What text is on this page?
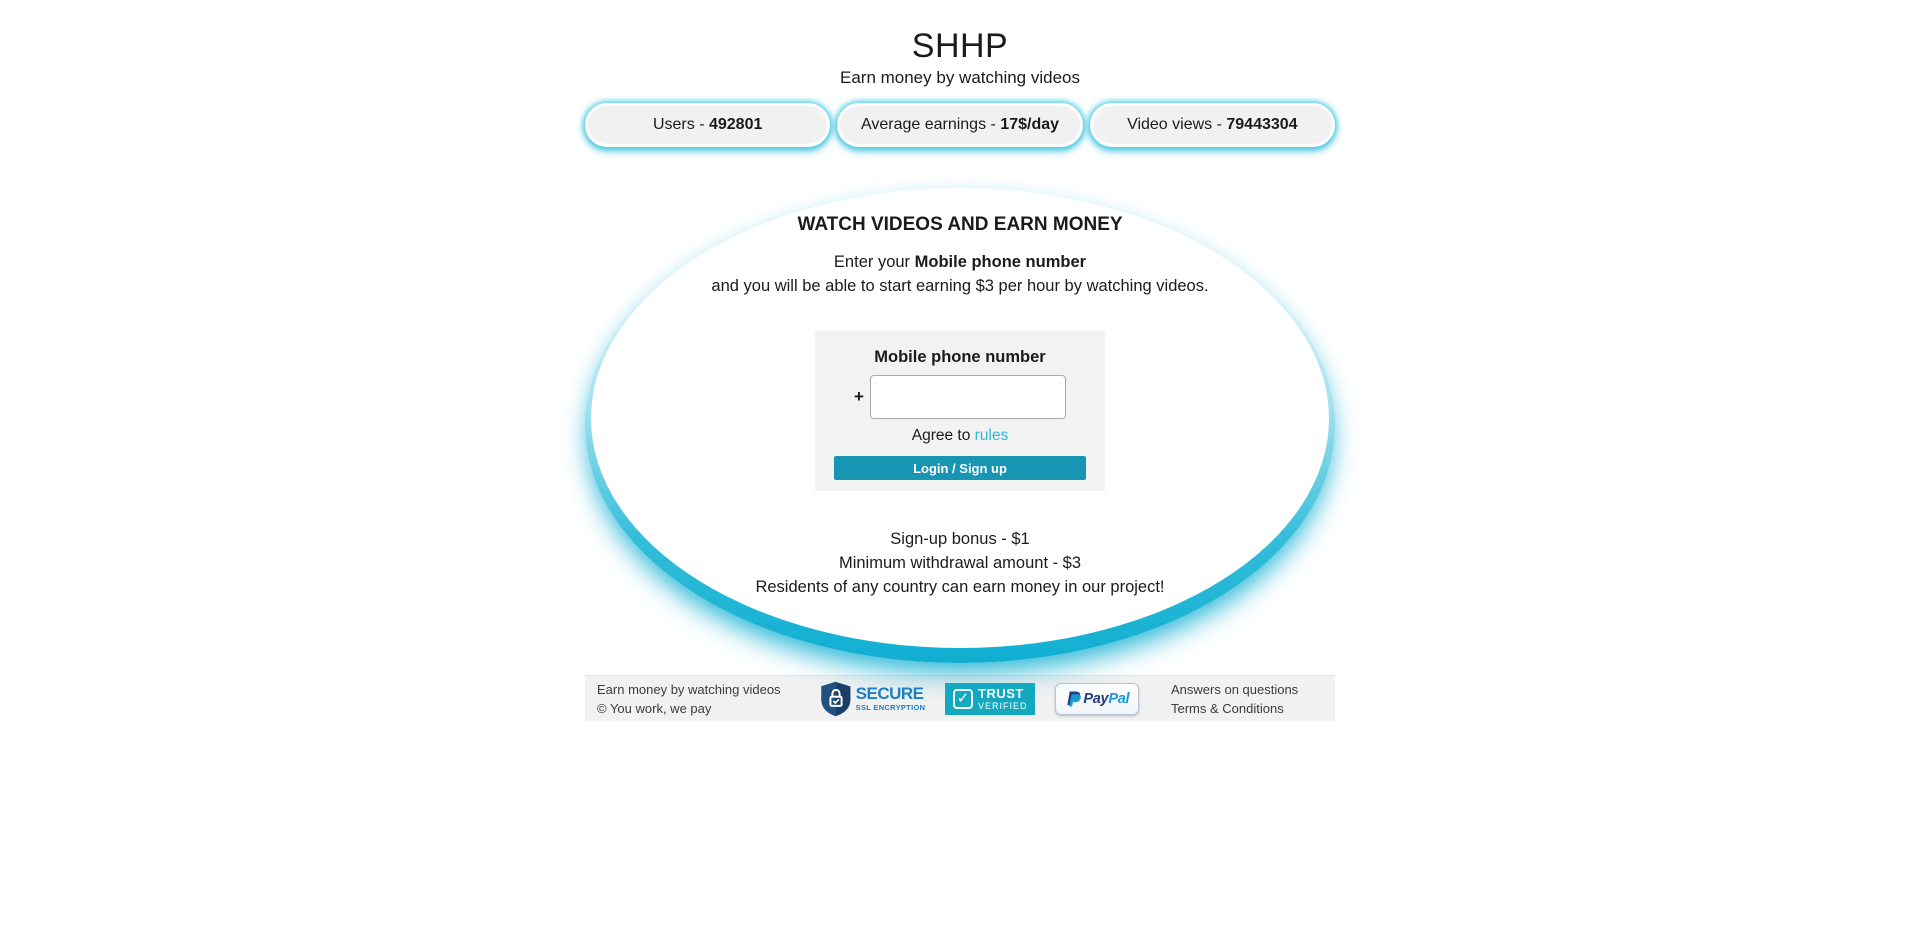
SHHP
Earn money by watching videos
Users - 492801	Average earnings - 17$/day	Video views - 79443304
WATCH VIDEOS AND EARN MONEY
Enter your Mobile phone number
and you will be able to start earning $3 per hour by watching videos.
Mobile phone number
+
Agree to rules
Login / Sign up
Sign-up bonus - $1
Minimum withdrawal amount - $3
Residents of any country can earn money in our project!
Earn money by watching videos
© You work, we pay
SECURE
SSL ENCRYPTION ✓ TRUST
VERIFIED	PayPal
Answers on questions
Terms & Conditions
